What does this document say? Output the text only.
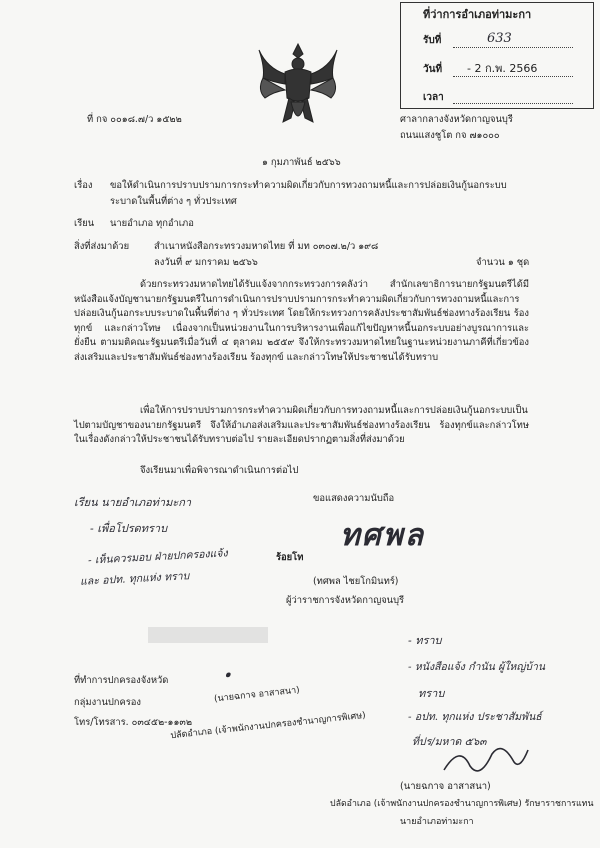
ที่ว่าการอำเภอท่ามะกา
รับที่	633
วันที่ - 2 ก.พ. 2566
เวลา
ที่ กจ ๐๐๑๘.๗/ว ๑๕๒๒	ศาลากลางจังหวัดกาญจนบุรี
ถนนแสงชูโต กจ ๗๑๐๐๐
๑ กุมภาพันธ์ ๒๕๖๖
เรื่อง ขอให้ดำเนินการปราบปรามการกระทำความผิดเกี่ยวกับการทวงถามหนี้และการปล่อยเงินกู้นอกระบบ
ระบาดในพื้นที่ต่าง ๆ ทั่วประเทศ
เรียน นายอำเภอ ทุกอำเภอ
สิ่งที่ส่งมาด้วย	สำเนาหนังสือกระทรวงมหาดไทย ที่ มท ๐๓๐๗.๒/ว ๑๙๘
ลงวันที่ ๙ มกราคม ๒๕๖๖	จำนวน ๑ ชุด
ด้วยกระทรวงมหาดไทยได้รับแจ้งจากกระทรวงการคลังว่า สำนักเลขาธิการนายกรัฐมนตรีได้มีหนังสือแจ้งบัญชานายกรัฐมนตรีในการดำเนินการปราบปรามการกระทำความผิดเกี่ยวกับการทวงถามหนี้และการปล่อยเงินกู้นอกระบบระบาดในพื้นที่ต่าง ๆ ทั่วประเทศ โดยให้กระทรวงการคลังประชาสัมพันธ์ช่องทางร้องเรียน ร้องทุกข์ และกล่าวโทษ เนื่องจากเป็นหน่วยงานในการบริหารงานเพื่อแก้ไขปัญหาหนี้นอกระบบอย่างบูรณาการและยั่งยืน ตามมติคณะรัฐมนตรีเมื่อวันที่ ๔ ตุลาคม ๒๕๕๙ จึงให้กระทรวงมหาดไทยในฐานะหน่วยงานภาคีที่เกี่ยวข้องส่งเสริมและประชาสัมพันธ์ช่องทางร้องเรียน ร้องทุกข์ และกล่าวโทษให้ประชาชนได้รับทราบ
เพื่อให้การปราบปรามการกระทำความผิดเกี่ยวกับการทวงถามหนี้และการปล่อยเงินกู้นอกระบบเป็นไปตามบัญชาของนายกรัฐมนตรี จึงให้อำเภอส่งเสริมและประชาสัมพันธ์ช่องทางร้องเรียน ร้องทุกข์และกล่าวโทษ ในเรื่องดังกล่าวให้ประชาชนได้รับทราบต่อไป รายละเอียดปรากฏตามสิ่งที่ส่งมาด้วย
จึงเรียนมาเพื่อพิจารณาดำเนินการต่อไป
ขอแสดงความนับถือ
ทศพล
ร้อยโท
(ทศพล ไชยโกมินทร์)
ผู้ว่าราชการจังหวัดกาญจนบุรี
เรียน นายอำเภอท่ามะกา
- เพื่อโปรดทราบ
- เห็นควรมอบ ฝ่ายปกครองแจ้ง
และ อปท. ทุกแห่ง ทราบ
ที่ทำการปกครองจังหวัด
กลุ่มงานปกครอง
โทร/โทรสาร. ๐๓๔๕๒-๑๑๓๒
ꞏ
(นายฉกาจ อาสาสนา)
ปลัดอำเภอ (เจ้าพนักงานปกครองชำนาญการพิเศษ)
- ทราบ
- หนังสือแจ้ง กำนัน ผู้ใหญ่บ้าน
ทราบ
- อปท. ทุกแห่ง ประชาสัมพันธ์
ที่ปร/มหาด ๕๖๓
(นายฉกาจ อาสาสนา)
ปลัดอำเภอ (เจ้าพนักงานปกครองชำนาญการพิเศษ) รักษาราชการแทน
นายอำเภอท่ามะกา
